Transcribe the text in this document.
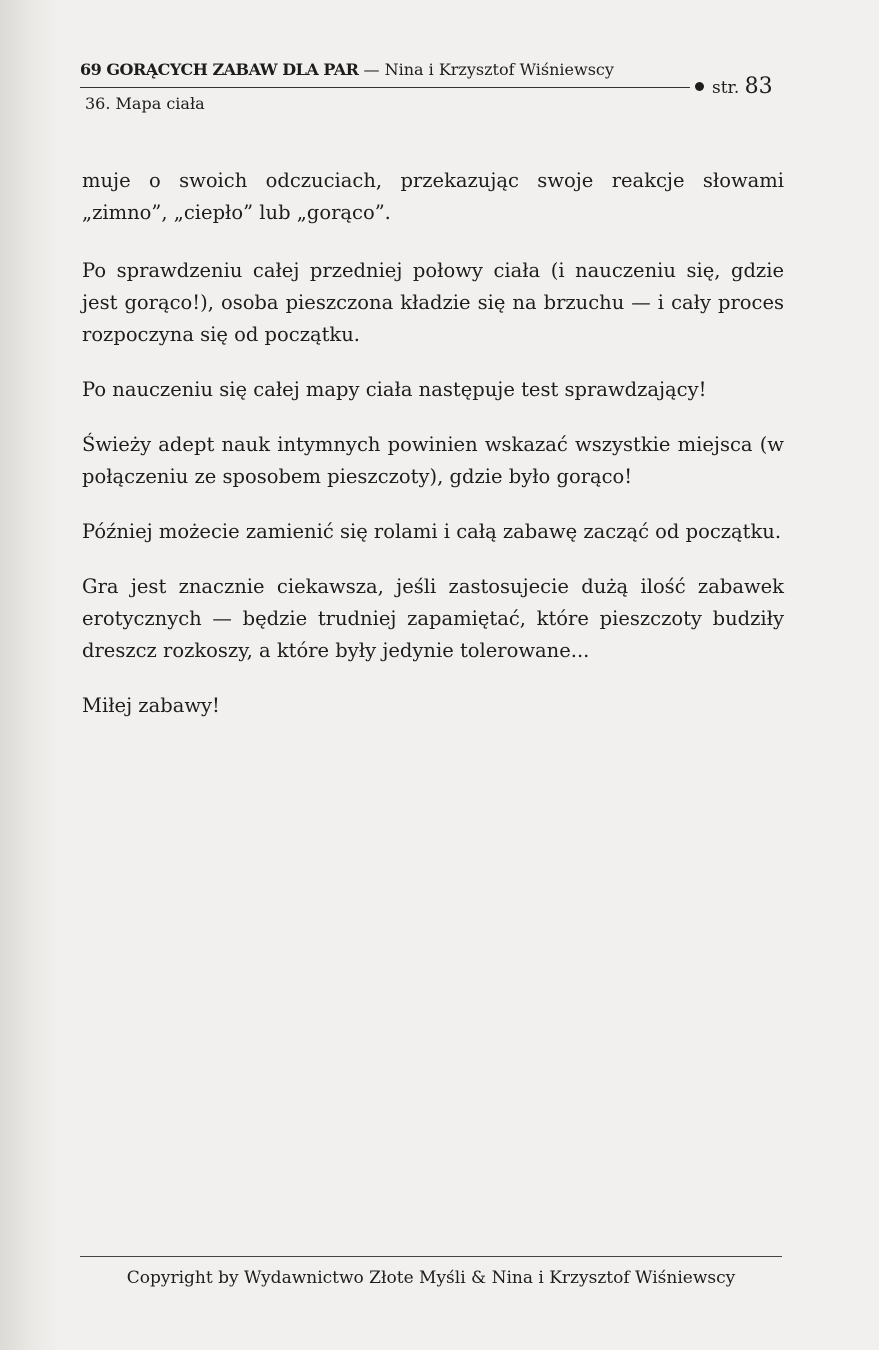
69 GORĄCYCH ZABAW DLA PAR — Nina i Krzysztof Wiśniewscy
str. 83
36. Mapa ciała

muje o swoich odczuciach, przekazując swoje reakcje słowami „zimno”, „ciepło” lub „gorąco”.

Po sprawdzeniu całej przedniej połowy ciała (i nauczeniu się, gdzie jest gorąco!), osoba pieszczona kładzie się na brzuchu — i cały proces rozpoczyna się od początku.

Po nauczeniu się całej mapy ciała następuje test sprawdzający!

Świeży adept nauk intymnych powinien wskazać wszystkie miejsca (w połączeniu ze sposobem pieszczoty), gdzie było gorąco!

Później możecie zamienić się rolami i całą zabawę zacząć od początku.

Gra jest znacznie ciekawsza, jeśli zastosujecie dużą ilość zabawek erotycznych — będzie trudniej zapamiętać, które pieszczoty budziły dreszcz rozkoszy, a które były jedynie tolerowane...

Miłej zabawy!

Copyright by Wydawnictwo Złote Myśli & Nina i Krzysztof Wiśniewscy
